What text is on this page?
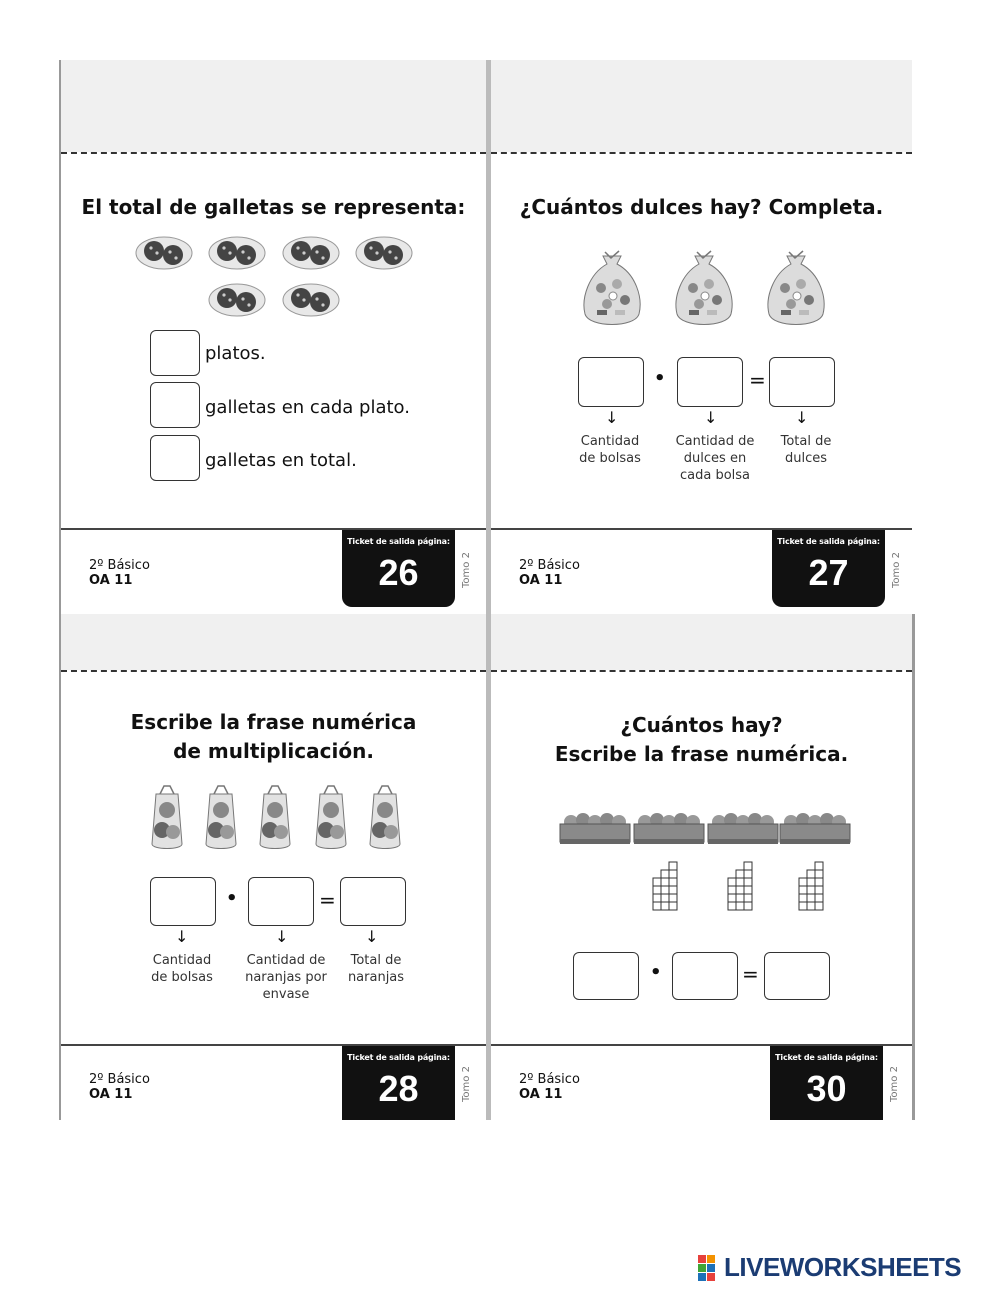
El total de galletas se representa:
platos.
galletas en cada plato.
galletas en total.
2º Básico
OA 11
Ticket de salida página:
26	Tomo 2
¿Cuántos dulces hay? Completa.
•	=
↓	↓	↓
Cantidad de bolsas
Cantidad de dulces en cada bolsa
Total de dulces
2º Básico
OA 11
Ticket de salida página:
27	Tomo 2
Escribe la frase numérica
de multiplicación.
•	=
↓	↓	↓
Cantidad de bolsas
Cantidad de naranjas por envase
Total de naranjas
2º Básico
OA 11
Ticket de salida página:
28	Tomo 2
¿Cuántos hay?
Escribe la frase numérica.
•	=
2º Básico
OA 11
Ticket de salida página:
30	Tomo 2
LIVEWORKSHEETS
